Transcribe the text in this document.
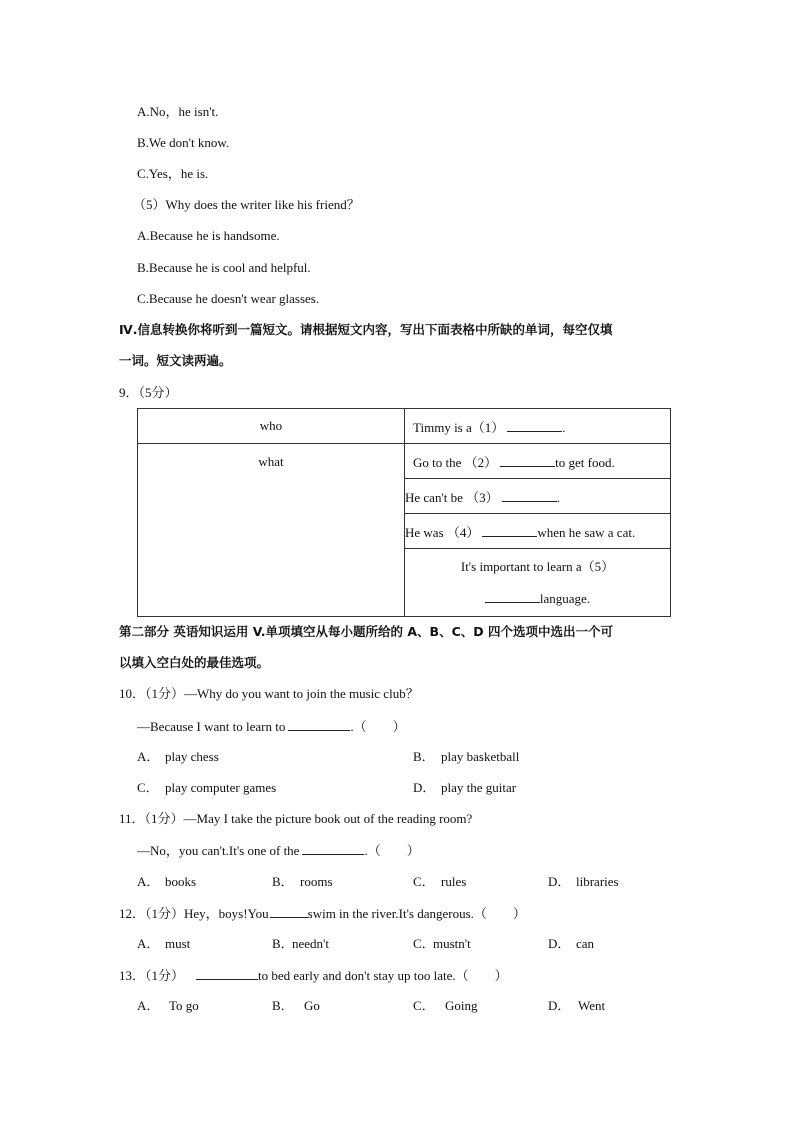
A.No，he isn't.
B.We don't know.
C.Yes，he is.
（5）Why does the writer like his friend？
A.Because he is handsome.
B.Because he is cool and helpful.
C.Because he doesn't wear glasses.
Ⅳ.信息转换你将听到一篇短文。请根据短文内容，写出下面表格中所缺的单词，每空仅填
一词。短文读两遍。
9．（5分）
who	Timmy is a（1） .
what	Go to the （2） to get food.
	He can't be （3） .
	He was （4） when he saw a cat.

	It's important to learn a（5）
language.
第二部分 英语知识运用 V.单项填空从每小题所给的 A、B、C、D 四个选项中选出一个可
以填入空白处的最佳选项。
10．（1分）—Why do you want to join the music club？
—Because I want to learn to	.（　　）
A． play chess	B． play basketball
C． play computer games	D． play the guitar
11．（1分）—May I take the picture book out of the reading room?
—No，you can't.It's one of the	.（　　）
A． books	B． rooms	C． rules	D． libraries
12．（1分）Hey，boys!You	swim in the river.It's dangerous.（　　）
A． must	B．needn't	C．mustn't	D． can
13．（1分）	to bed early and don't stay up too late.（　　）
A． To go	B． Go	C． Going	D． Went
